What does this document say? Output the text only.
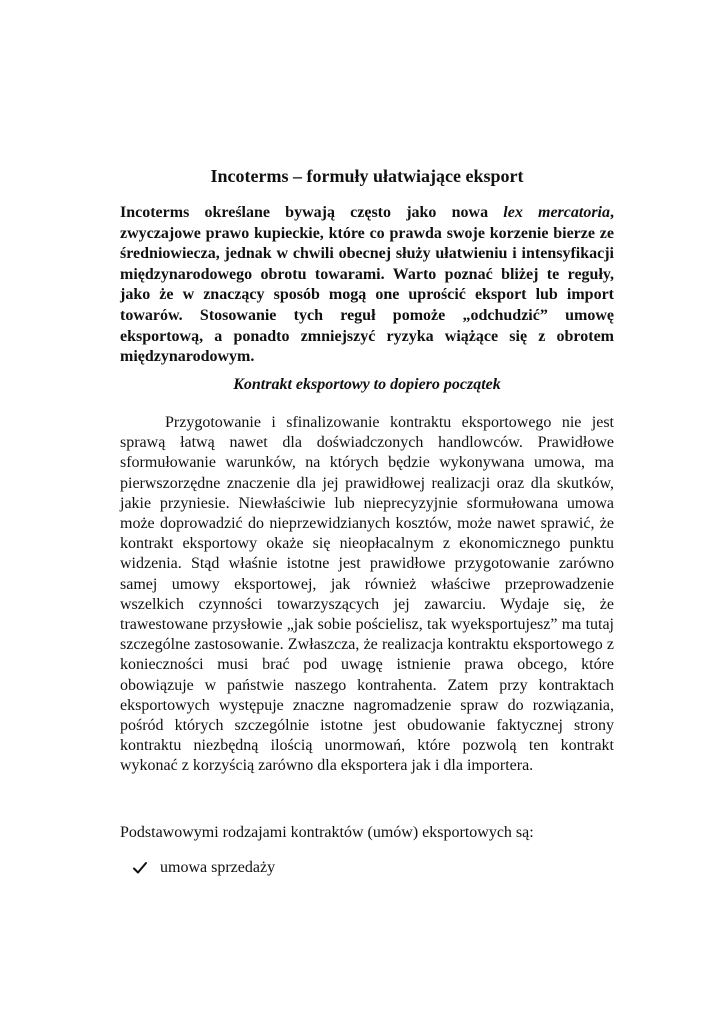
Incoterms – formuły ułatwiające eksport
Incoterms określane bywają często jako nowa lex mercatoria, zwyczajowe prawo kupieckie, które co prawda swoje korzenie bierze ze średniowiecza, jednak w chwili obecnej służy ułatwieniu i intensyfikacji międzynarodowego obrotu towarami. Warto poznać bliżej te reguły, jako że w znaczący sposób mogą one uprościć eksport lub import towarów. Stosowanie tych reguł pomoże „odchudzić” umowę eksportową, a ponadto zmniejszyć ryzyka wiążące się z obrotem międzynarodowym.
Kontrakt eksportowy to dopiero początek

Przygotowanie i sfinalizowanie kontraktu eksportowego nie jest sprawą łatwą nawet dla doświadczonych handlowców. Prawidłowe sformułowanie warunków, na których będzie wykonywana umowa, ma pierwszorzędne znaczenie dla jej prawidłowej realizacji oraz dla skutków, jakie przyniesie. Niewłaściwie lub nieprecyzyjnie sformułowana umowa może doprowadzić do nieprzewidzianych kosztów, może nawet sprawić, że kontrakt eksportowy okaże się nieopłacalnym z ekonomicznego punktu widzenia. Stąd właśnie istotne jest prawidłowe przygotowanie zarówno samej umowy eksportowej, jak również właściwe przeprowadzenie wszelkich czynności towarzyszących jej zawarciu. Wydaje się, że trawestowane przysłowie „jak sobie pościelisz, tak wyeksportujesz” ma tutaj szczególne zastosowanie. Zwłaszcza, że realizacja kontraktu eksportowego z konieczności musi brać pod uwagę istnienie prawa obcego, które obowiązuje w państwie naszego kontrahenta. Zatem przy kontraktach eksportowych występuje znaczne nagromadzenie spraw do rozwiązania, pośród których szczególnie istotne jest obudowanie faktycznej strony kontraktu niezbędną ilością unormowań, które pozwolą ten kontrakt wykonać z korzyścią zarówno dla eksportera jak i dla importera.

Podstawowymi rodzajami kontraktów (umów) eksportowych są:

umowa sprzedaży
